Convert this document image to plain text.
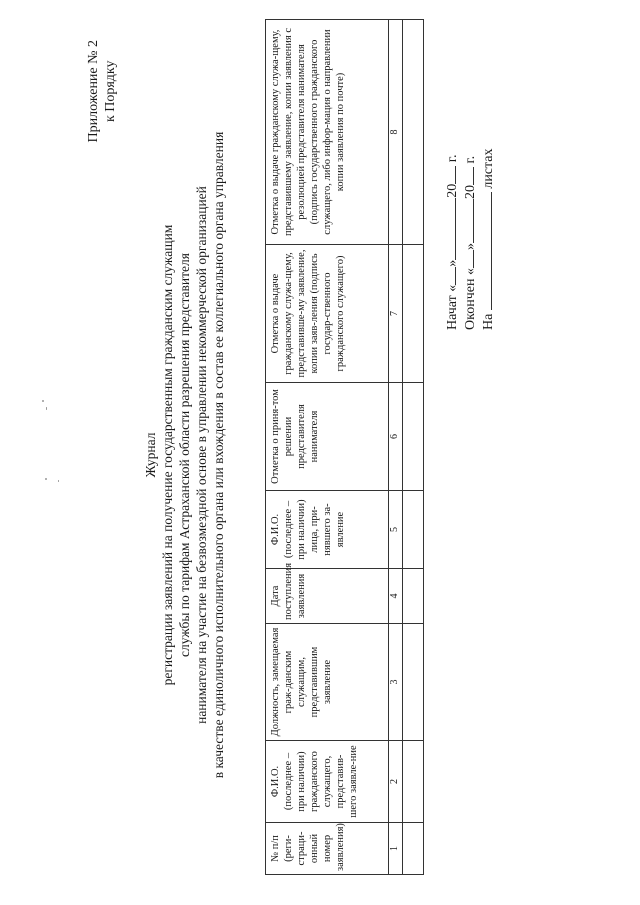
Приложение № 2 к Порядку
Журнал регистрации заявлений на получение государственным гражданским служащим службы по тарифам Астраханской области разрешения представителя нанимателя на участие на безвозмездной основе в управлении некоммерческой организацией в качестве единоличного исполнительного органа или вхождения в состав ее коллегиального органа управления
№ п/п (реги-страци-онный номер заявления)	Ф.И.О. (последнее – при наличии) гражданского служащего, представив-шего заявле-ние	Должность, замещаемая граж-данским служащим, представившим заявление	Дата поступления заявления	Ф.И.О. (последнее – при наличии) лица, при-нявшего за-явление	Отметка о приня-том решении представителя нанимателя	Отметка о выдаче гражданскому служа-щему, представивше-му заявление, копии заяв-ления (подпись государ-ственного гражданского служащего)	Отметка о выдаче гражданскому служа-щему, представившему заявление, копии заявления с резолюцией представителя нанимателя (подпись государственного гражданского служащего, либо инфор-мация о направлении копии заявления по почте)
1	2	3	4	5	6	7	8

Начат «»20 г.
Окончен «»20 г.
На  листах
